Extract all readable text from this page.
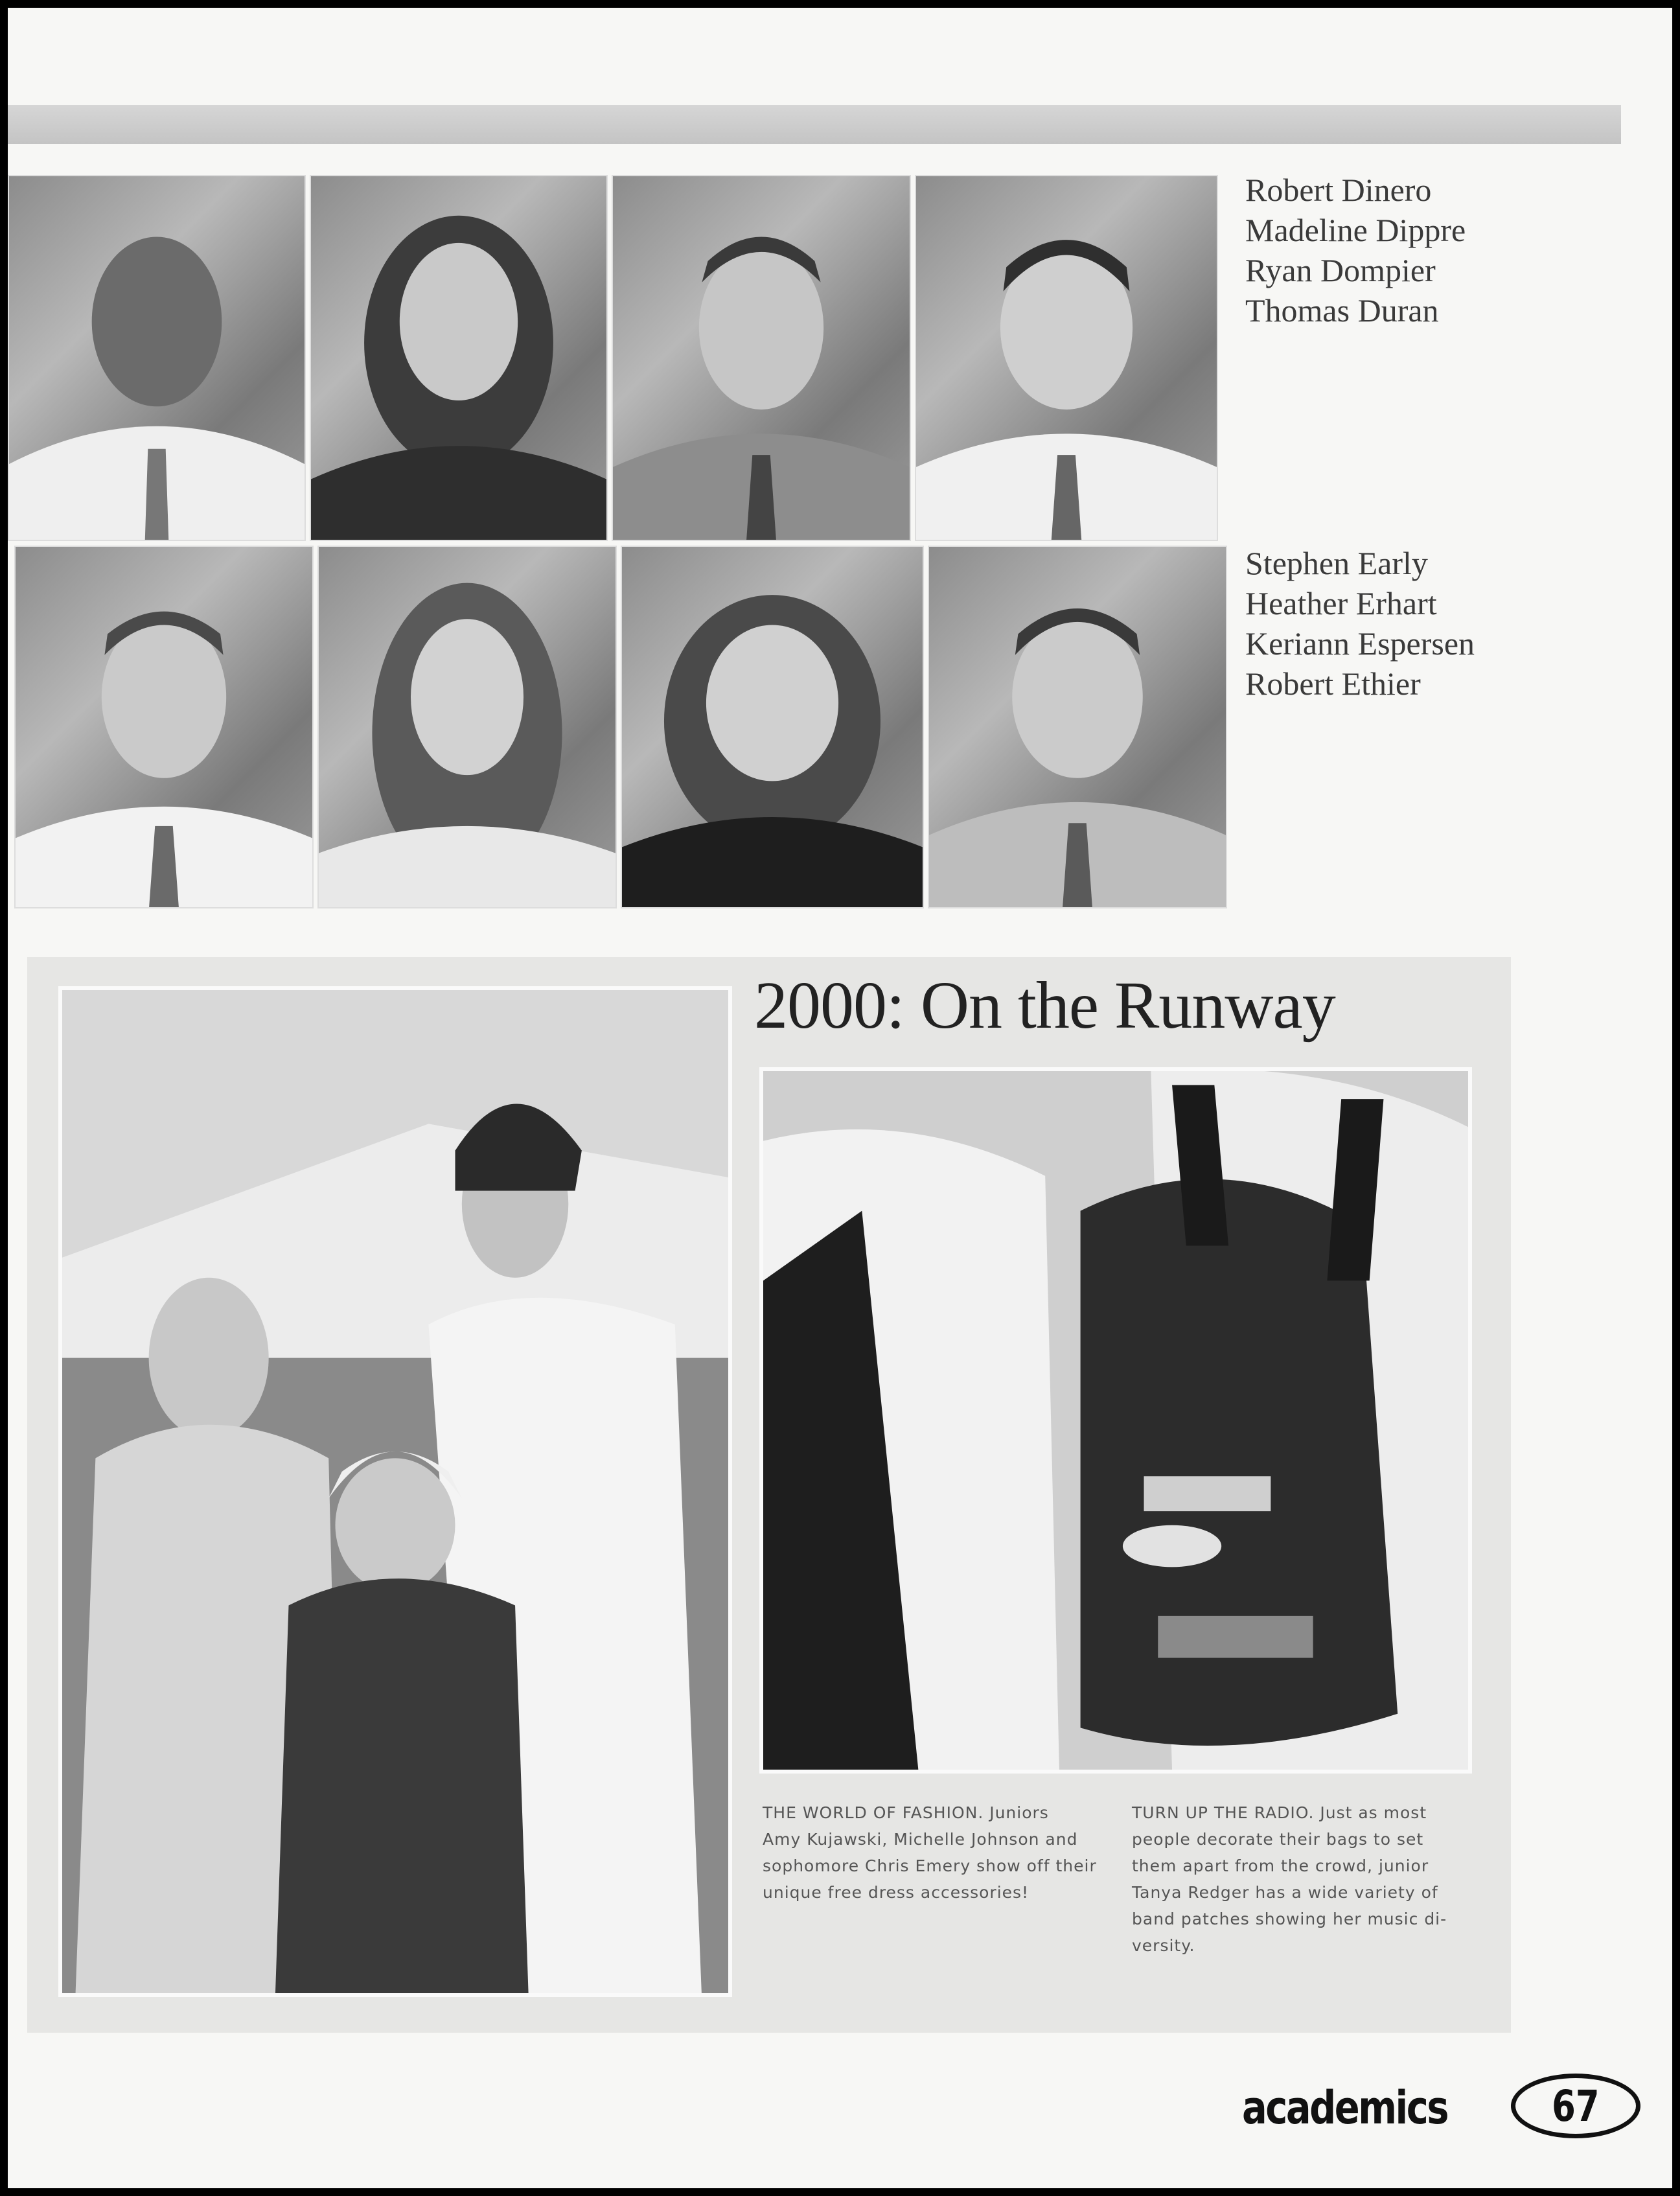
Robert Dinero
Madeline Dippre
Ryan Dompier
Thomas Duran
Stephen Early
Heather Erhart
Keriann Espersen
Robert Ethier
2000: On the Runway
THE WORLD OF FASHION. Juniors
Amy Kujawski, Michelle Johnson and
sophomore Chris Emery show off their
unique free dress accessories!
TURN UP THE RADIO. Just as most
people decorate their bags to set
them apart from the crowd, junior
Tanya Redger has a wide variety of
band patches showing her music di-
versity.
academics 67
